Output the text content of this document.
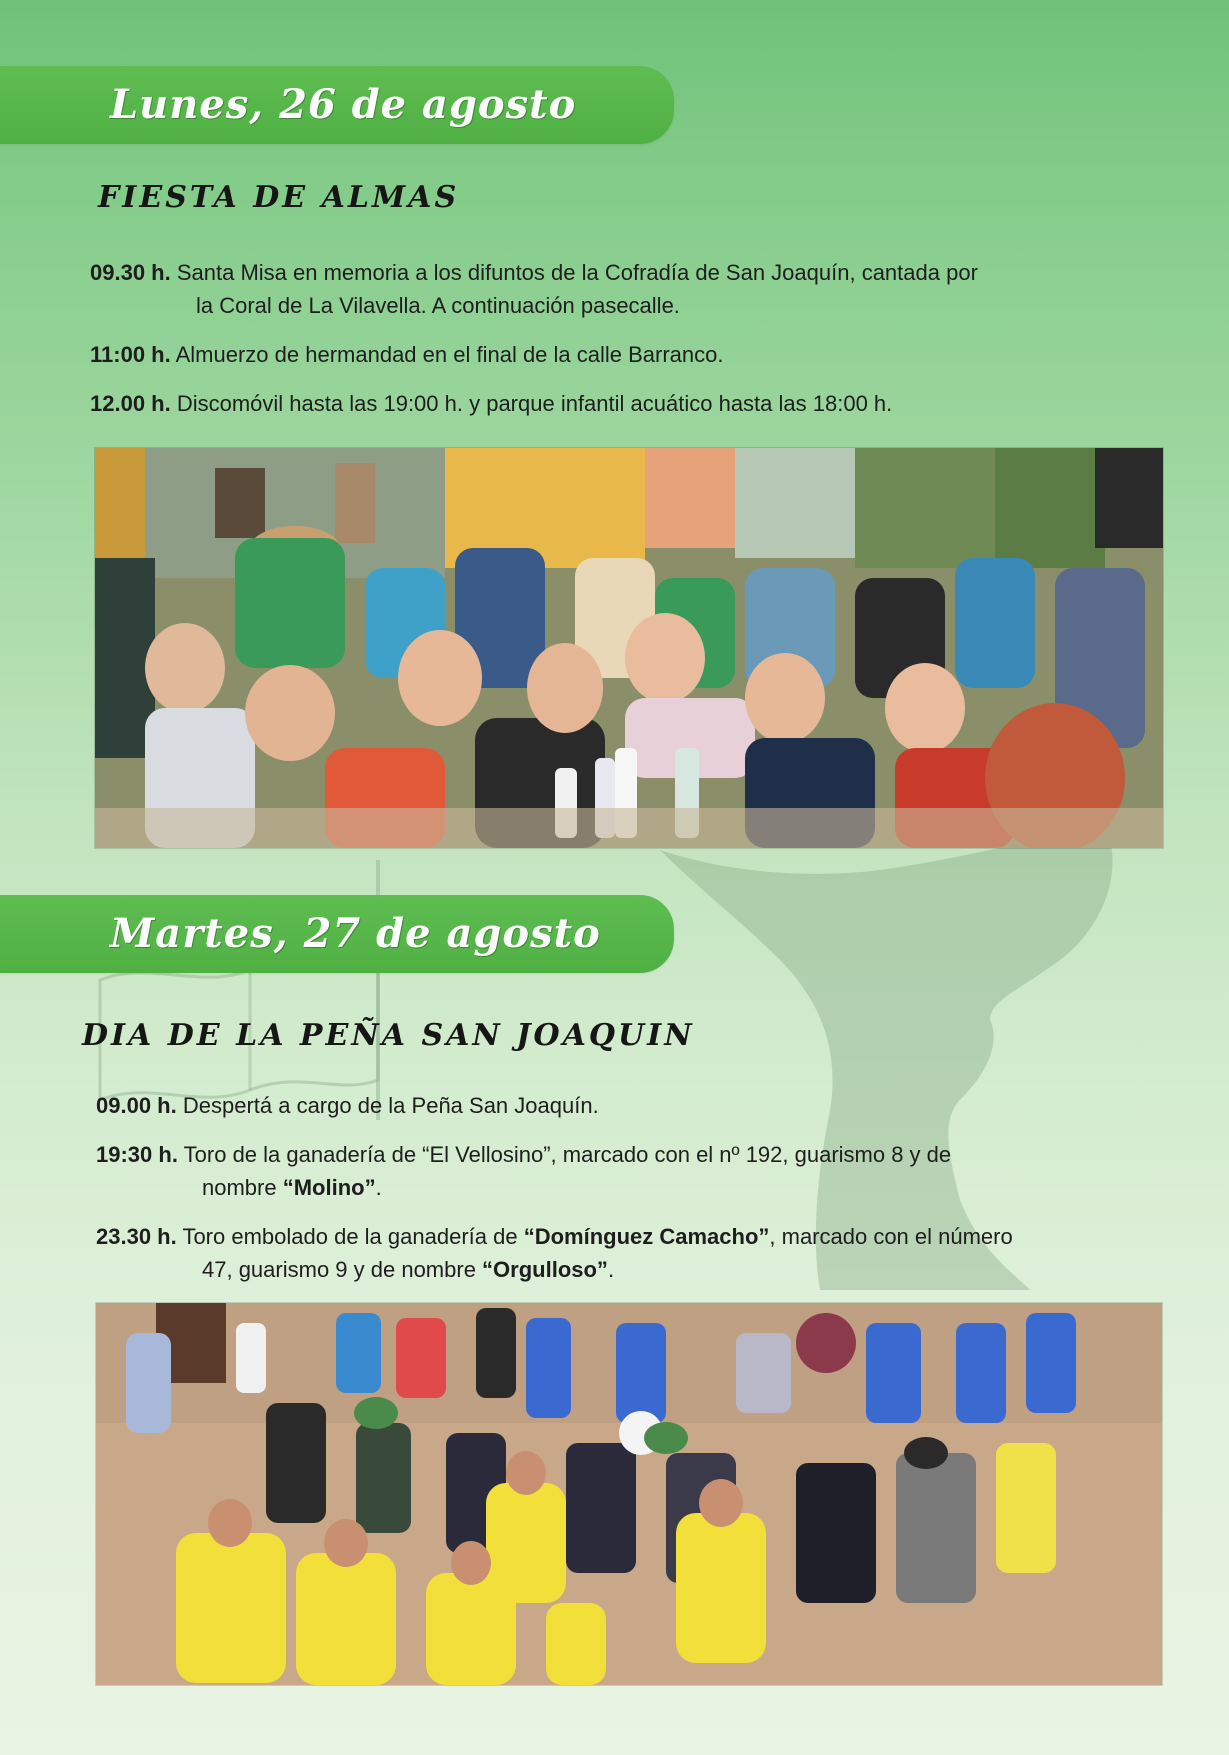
Lunes, 26 de agosto
FIESTA DE ALMAS
09.30 h. Santa Misa en memoria a los difuntos de la Cofradía de San Joaquín, cantada por
la Coral de La Vilavella. A continuación pasecalle.
11:00 h. Almuerzo de hermandad en el final de la calle Barranco.
12.00 h. Discomóvil hasta las 19:00 h. y parque infantil acuático hasta las 18:00 h.
Martes, 27 de agosto
DIA DE LA PEÑA SAN JOAQUIN
09.00 h. Despertá a cargo de la Peña San Joaquín.
19:30 h. Toro de la ganadería de “El Vellosino”, marcado con el nº 192, guarismo 8 y de
nombre “Molino”.
23.30 h. Toro embolado de la ganadería de “Domínguez Camacho”, marcado con el número
47, guarismo 9 y de nombre “Orgulloso”.
